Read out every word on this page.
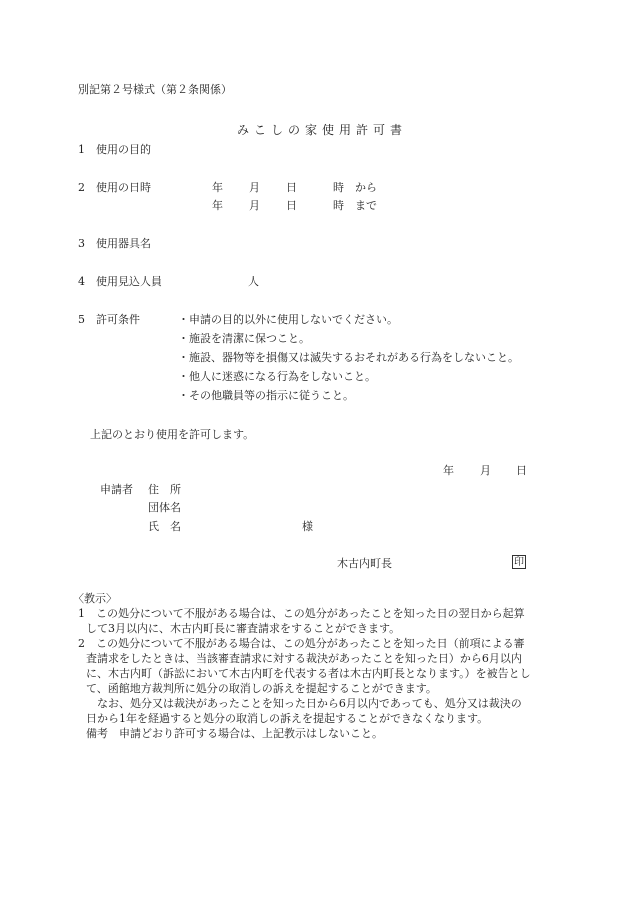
別記第２号様式（第２条関係）
みこしの家使用許可書
1 使用の目的
2 使用の日時	年 月 日	時 から
年 月 日	時 まで
3 使用器具名
4 使用見込人員	人
5 許可条件	・申請の目的以外に使用しないでください。
・施設を清潔に保つこと。
・施設、器物等を損傷又は滅失するおそれがある行為をしないこと。
・他人に迷惑になる行為をしないこと。
・その他職員等の指示に従うこと。
上記のとおり使用を許可します。
年 月 日
申請者 住　所
団体名
氏　名	様
木古内町長	印
〈教示〉
1　この処分について不服がある場合は、この処分があったことを知った日の翌日から起算
して3月以内に、木古内町長に審査請求をすることができます。
2　この処分について不服がある場合は、この処分があったことを知った日（前項による審
査請求をしたときは、当該審査請求に対する裁決があったことを知った日）から6月以内
に、木古内町（訴訟において木古内町を代表する者は木古内町長となります。）を被告とし
て、函館地方裁判所に処分の取消しの訴えを提起することができます。
なお、処分又は裁決があったことを知った日から6月以内であっても、処分又は裁決の
日から1年を経過すると処分の取消しの訴えを提起することができなくなります。
備考　申請どおり許可する場合は、上記教示はしないこと。
